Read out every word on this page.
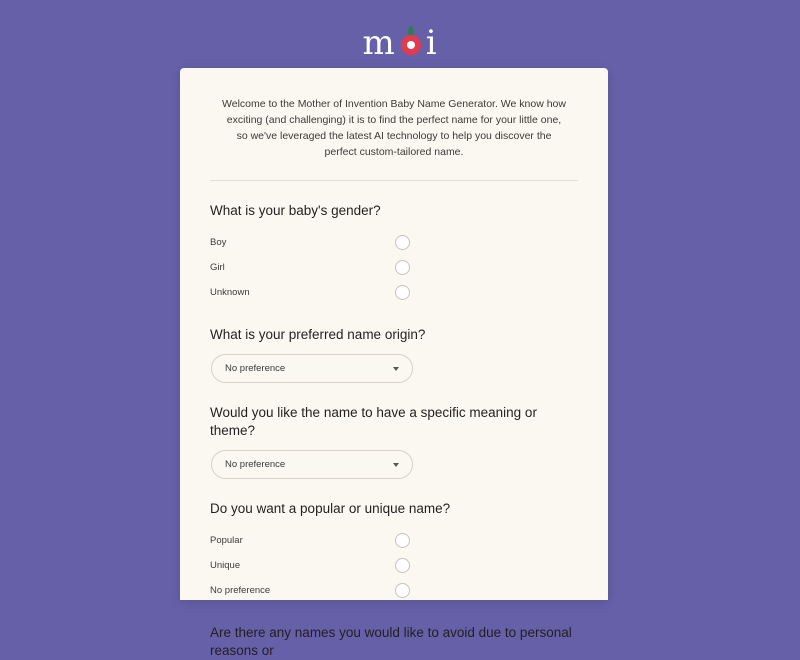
m i
Welcome to the Mother of Invention Baby Name Generator. We know how exciting (and challenging) it is to find the perfect name for your little one, so we've leveraged the latest AI technology to help you discover the perfect custom-tailored name.
What is your baby's gender?
Boy
Girl
Unknown
What is your preferred name origin?
No preference
Would you like the name to have a specific meaning or theme?
No preference
Do you want a popular or unique name?
Popular
Unique
No preference
Are there any names you would like to avoid due to personal reasons or
